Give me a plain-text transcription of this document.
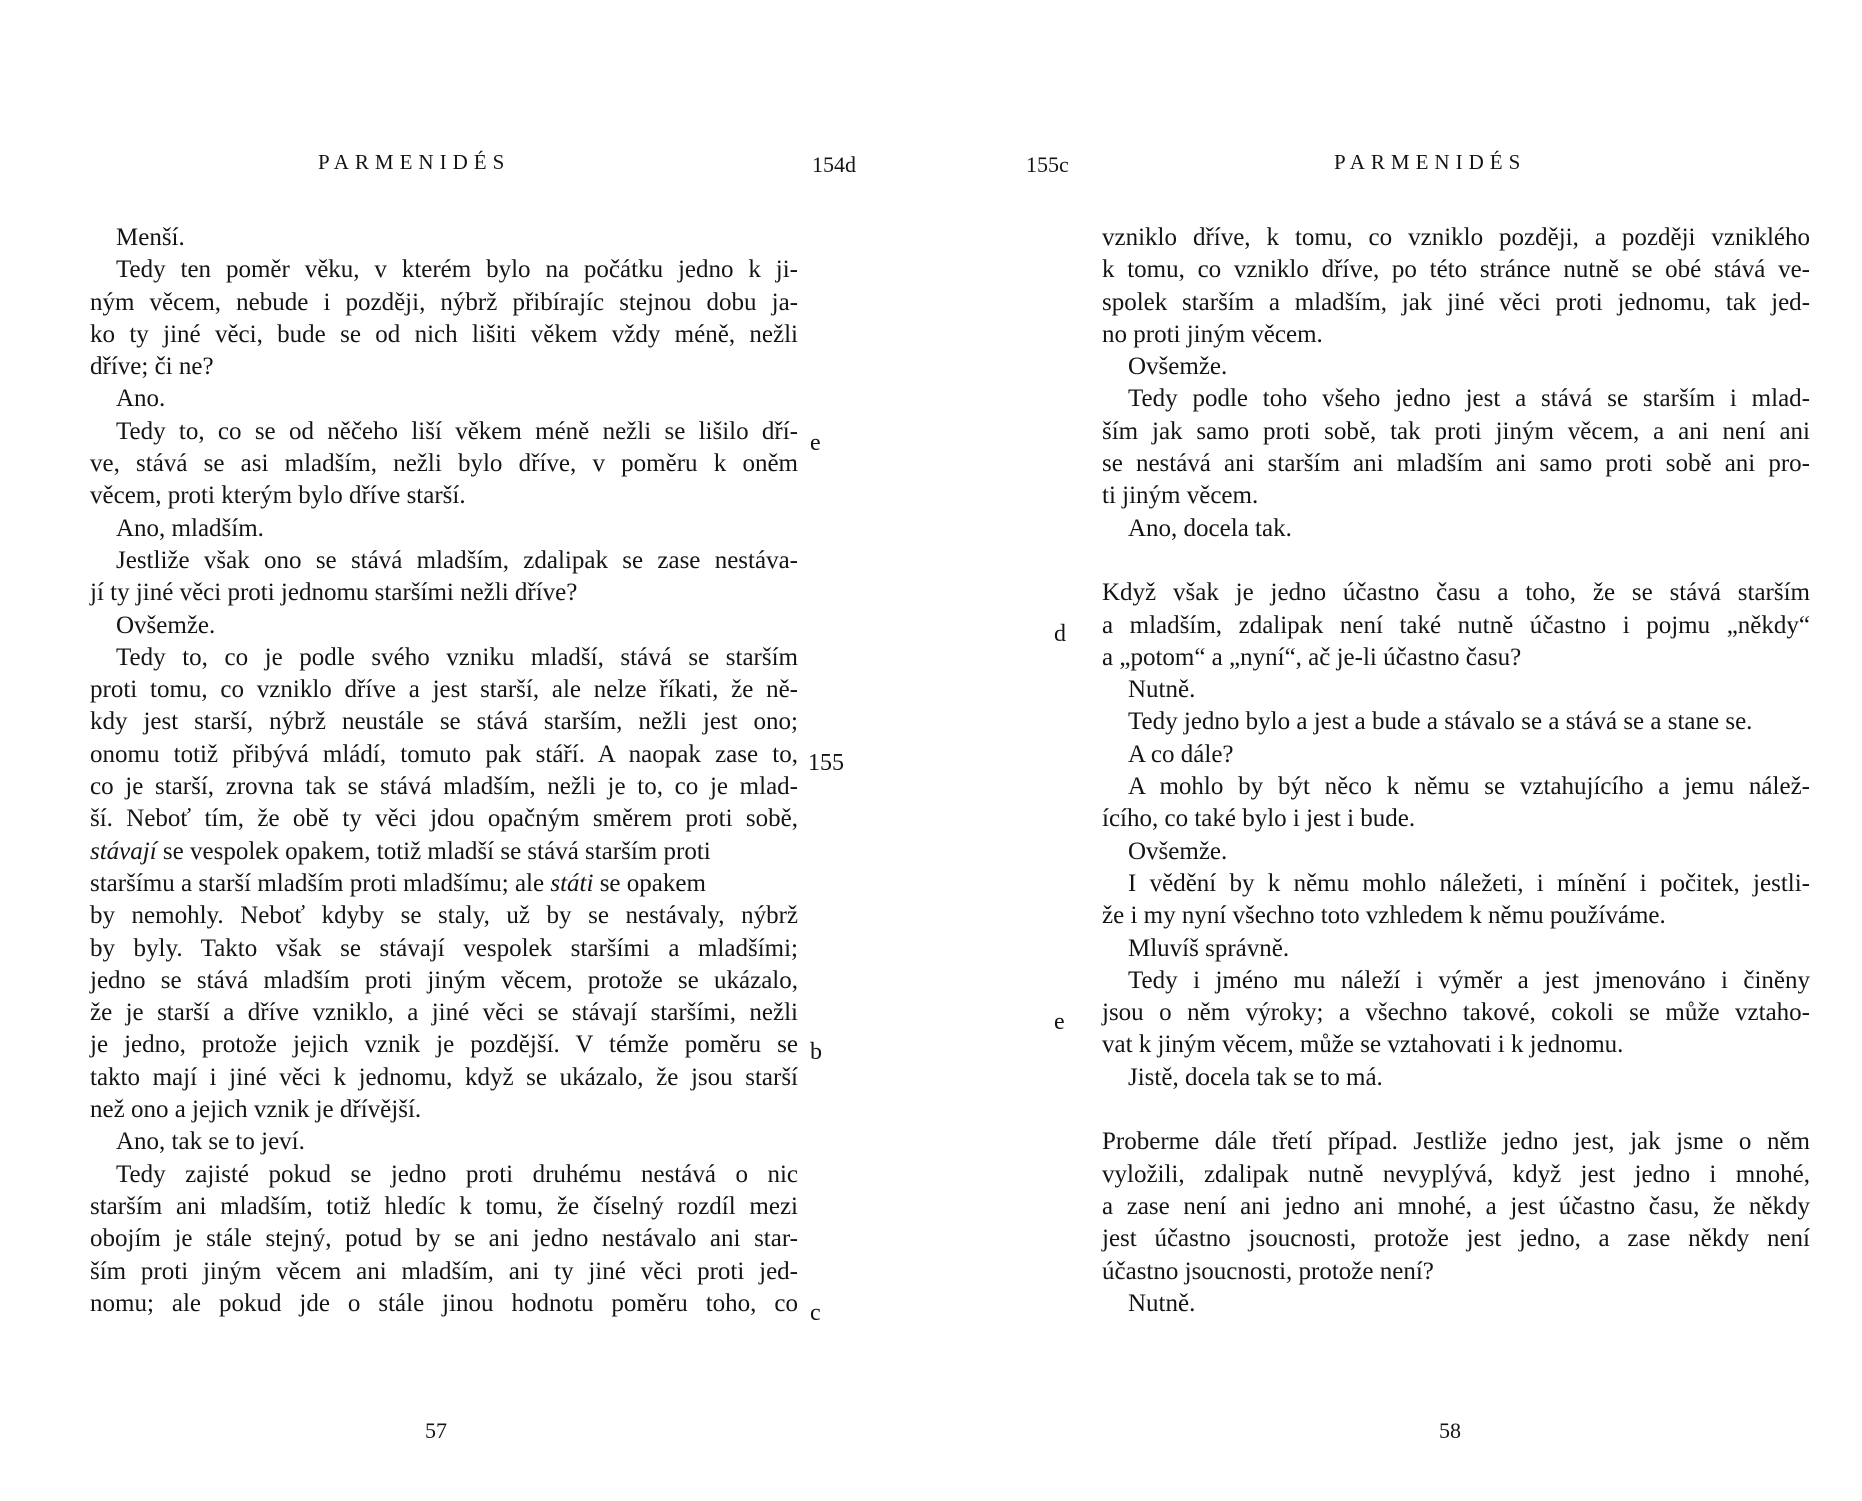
PARMENIDÉS	154d
Menší.
Tedy ten poměr věku, v kterém bylo na počátku jedno k ji-
ným věcem, nebude i později, nýbrž přibírajíc stejnou dobu ja-
ko ty jiné věci, bude se od nich lišiti věkem vždy méně, nežli
dříve; či ne?
Ano.
Tedy to, co se od něčeho liší věkem méně nežli se lišilo dří-
ve, stává se asi mladším, nežli bylo dříve, v poměru k oněm
věcem, proti kterým bylo dříve starší.
Ano, mladším.
Jestliže však ono se stává mladším, zdalipak se zase nestáva-
jí ty jiné věci proti jednomu staršími nežli dříve?
Ovšemže.
Tedy to, co je podle svého vzniku mladší, stává se starším
proti tomu, co vzniklo dříve a jest starší, ale nelze říkati, že ně-
kdy jest starší, nýbrž neustále se stává starším, nežli jest ono;
onomu totiž přibývá mládí, tomuto pak stáří. A naopak zase to,
co je starší, zrovna tak se stává mladším, nežli je to, co je mlad-
ší. Neboť tím, že obě ty věci jdou opačným směrem proti sobě,
stávají se vespolek opakem, totiž mladší se stává starším proti
staršímu a starší mladším proti mladšímu; ale státi se opakem
by nemohly. Neboť kdyby se staly, už by se nestávaly, nýbrž
by byly. Takto však se stávají vespolek staršími a mladšími;
jedno se stává mladším proti jiným věcem, protože se ukázalo,
že je starší a dříve vzniklo, a jiné věci se stávají staršími, nežli
je jedno, protože jejich vznik je pozdější. V témže poměru se
takto mají i jiné věci k jednomu, když se ukázalo, že jsou starší
než ono a jejich vznik je dřívější.
Ano, tak se to jeví.
Tedy zajisté pokud se jedno proti druhému nestává o nic
starším ani mladším, totiž hledíc k tomu, že číselný rozdíl mezi
obojím je stále stejný, potud by se ani jedno nestávalo ani star-
ším proti jiným věcem ani mladším, ani ty jiné věci proti jed-
nomu; ale pokud jde o stále jinou hodnotu poměru toho, co
e
155
b
c
57
PARMENIDÉS
155c
vzniklo dříve, k tomu, co vzniklo později, a později vzniklého
k tomu, co vzniklo dříve, po této stránce nutně se obé stává ve-
spolek starším a mladším, jak jiné věci proti jednomu, tak jed-
no proti jiným věcem.
Ovšemže.
Tedy podle toho všeho jedno jest a stává se starším i mlad-
ším jak samo proti sobě, tak proti jiným věcem, a ani není ani
se nestává ani starším ani mladším ani samo proti sobě ani pro-
ti jiným věcem.
Ano, docela tak.
Když však je jedno účastno času a toho, že se stává starším
a mladším, zdalipak není také nutně účastno i pojmu „někdy“
a „potom“ a „nyní“, ač je-li účastno času?
Nutně.
Tedy jedno bylo a jest a bude a stávalo se a stává se a stane se.
A co dále?
A mohlo by být něco k němu se vztahujícího a jemu nálež-
ícího, co také bylo i jest i bude.
Ovšemže.
I vědění by k němu mohlo náležeti, i mínění i počitek, jestli-
že i my nyní všechno toto vzhledem k němu používáme.
Mluvíš správně.
Tedy i jméno mu náleží i výměr a jest jmenováno i činěny
jsou o něm výroky; a všechno takové, cokoli se může vztaho-
vat k jiným věcem, může se vztahovati i k jednomu.
Jistě, docela tak se to má.
Proberme dále třetí případ. Jestliže jedno jest, jak jsme o něm
vyložili, zdalipak nutně nevyplývá, když jest jedno i mnohé,
a zase není ani jedno ani mnohé, a jest účastno času, že někdy
jest účastno jsoucnosti, protože jest jedno, a zase někdy není
účastno jsoucnosti, protože není?
Nutně.
d
e
58
